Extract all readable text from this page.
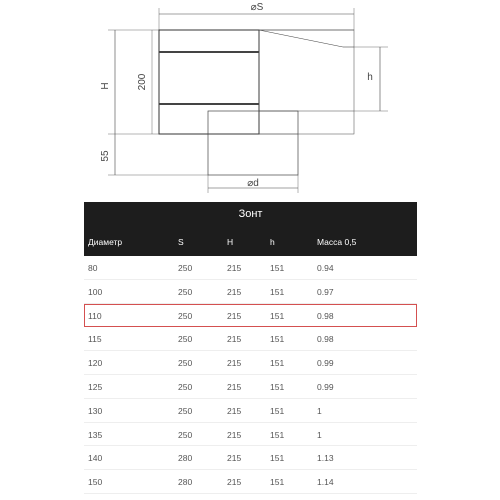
⌀S
H	200	h
55
⌀d
Зонт
Диаметр	S	H	h	Масса 0,5
80	250	215	151	0.94
100	250	215	151	0.97
110	250	215	151	0.98
115	250	215	151	0.98
120	250	215	151	0.99
125	250	215	151	0.99
130	250	215	151	1
135	250	215	151	1
140	280	215	151	1.13
150	280	215	151	1.14
